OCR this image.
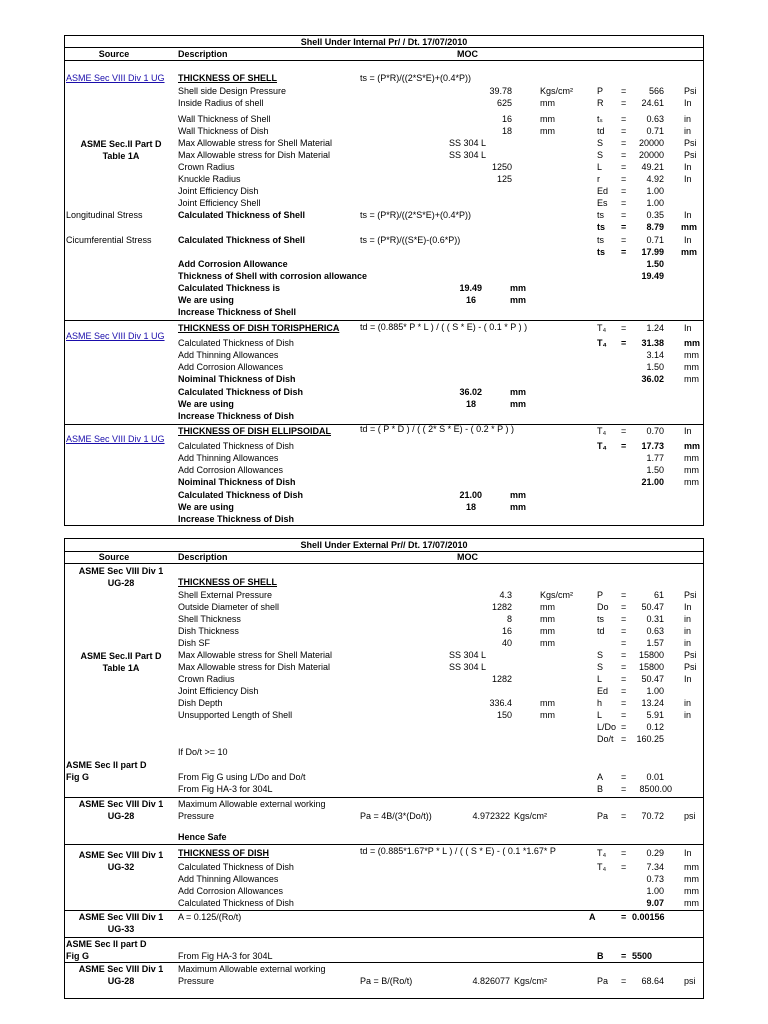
Shell Under Internal Pr/ / Dt. 17/07/2010
Source	Description	MOC
ASME Sec VIII Div 1 UG THICKNESS OF SHELL	ts = (P*R)/((2*S*E)+(0.4*P))
Shell side Design Pressure	39.78	Kgs/cm²	P =	566 Psi
Inside Radius of shell	625	mm	R =	24.61 In
Wall Thickness of Shell	16	mm	tₛ =	0.63 in
Wall Thickness of Dish	18	mm	td =	0.71 in
Max Allowable stress for Shell Material	SS 304 L	S =	20000 Psi
Max Allowable stress for Dish Material	SS 304 L	S =	20000 Psi
Crown Radius	1250	L =	49.21 In
Knuckle Radius	125	r =	4.92 In
Joint Efficiency Dish	Ed =	1.00
Joint Efficiency Shell	Es =	1.00
ASME Sec.II Part D
Table 1A
Longitudinal Stress	Calculated Thickness of Shell	ts = (P*R)/((2*S*E)+(0.4*P))	ts =	0.35 In
ts =	8.79 mm
Cicumferential Stress	Calculated Thickness of Shell	ts = (P*R)/((S*E)-(0.6*P))	ts =	0.71 In
ts =	17.99 mm
Add Corrosion Allowance	1.50
Thickness of Shell with corrosion allowance	19.49
Calculated Thickness is	19.49	mm
We are using	16	mm
Increase Thickness of Shell
ASME Sec VIII Div 1 UG
THICKNESS OF DISH TORISPHERICA td = (0.885* P * L ) / ( ( S * E) - ( 0.1 * P ) )	T₄ =	1.24 In
Calculated Thickness of Dish	T₄ =	31.38 mm
Add Thinning Allowances	3.14 mm
Add Corrosion Allowances	1.50 mm
Noiminal Thickness of Dish	36.02 mm
Calculated Thickness of Dish	36.02	mm
We are using	18	mm
Increase Thickness of Dish
ASME Sec VIII Div 1 UG
THICKNESS OF DISH ELLIPSOIDAL	td = ( P * D ) / ( ( 2* S * E) - ( 0.2 * P ) )	T₄ =	0.70 In
Calculated Thickness of Dish	T₄ =	17.73 mm
Add Thinning Allowances	1.77 mm
Add Corrosion Allowances	1.50 mm
Noiminal Thickness of Dish	21.00 mm
Calculated Thickness of Dish	21.00	mm
We are using	18	mm
Increase Thickness of Dish
Shell Under External Pr// Dt. 17/07/2010
Source	Description	MOC
ASME Sec VIII Div 1
UG-28	THICKNESS OF SHELL
Shell External Pressure	4.3	Kgs/cm²	P =	61 Psi
Outside Diameter of shell	1282	mm	Do =	50.47 In
Shell Thickness	8	mm	ts =	0.31 in
Dish Thickness	16	mm	td =	0.63 in
Dish SF	40	mm	=	1.57 in
Max Allowable stress for Shell Material	SS 304 L	S =	15800 Psi
Max Allowable stress for Dish Material	SS 304 L	S =	15800 Psi
Crown Radius	1282	L =	50.47 In
Joint Efficiency Dish	Ed =	1.00
Dish Depth	336.4	mm	h =	13.24 in
Unsupported Length of Shell	150	mm	L =	5.91 in
L/Do =	0.12
Do/t =	160.25
ASME Sec.II Part D
Table 1A
If Do/t >= 10
ASME Sec II part D
Fig G	From Fig G using L/Do and Do/t	A =	0.01
From Fig HA-3 for 304L	B =	8500.00
ASME Sec VIII Div 1
UG-28
Maximum Allowable external working
Pressure	Pa = 4B/(3*(Do/t))	4.972322 Kgs/cm²	Pa =	70.72 psi
Hence Safe
ASME Sec VIII Div 1
UG-32
THICKNESS OF DISH	td = (0.885*1.67*P * L ) / ( ( S * E) - ( 0.1 *1.67* P	T₄ =	0.29 In
Calculated Thickness of Dish	T₄ =	7.34 mm
Add Thinning Allowances	0.73 mm
Add Corrosion Allowances	1.00 mm
Calculated Thickness of Dish	9.07 mm
ASME Sec VIII Div 1
UG-33
A = 0.125/(Ro/t)	A	= 0.00156
ASME Sec II part D
Fig G	From Fig HA-3 for 304L	B = 5500
ASME Sec VIII Div 1
UG-28
Maximum Allowable external working
Pressure	Pa = B/(Ro/t)	4.826077 Kgs/cm²	Pa =	68.64 psi
